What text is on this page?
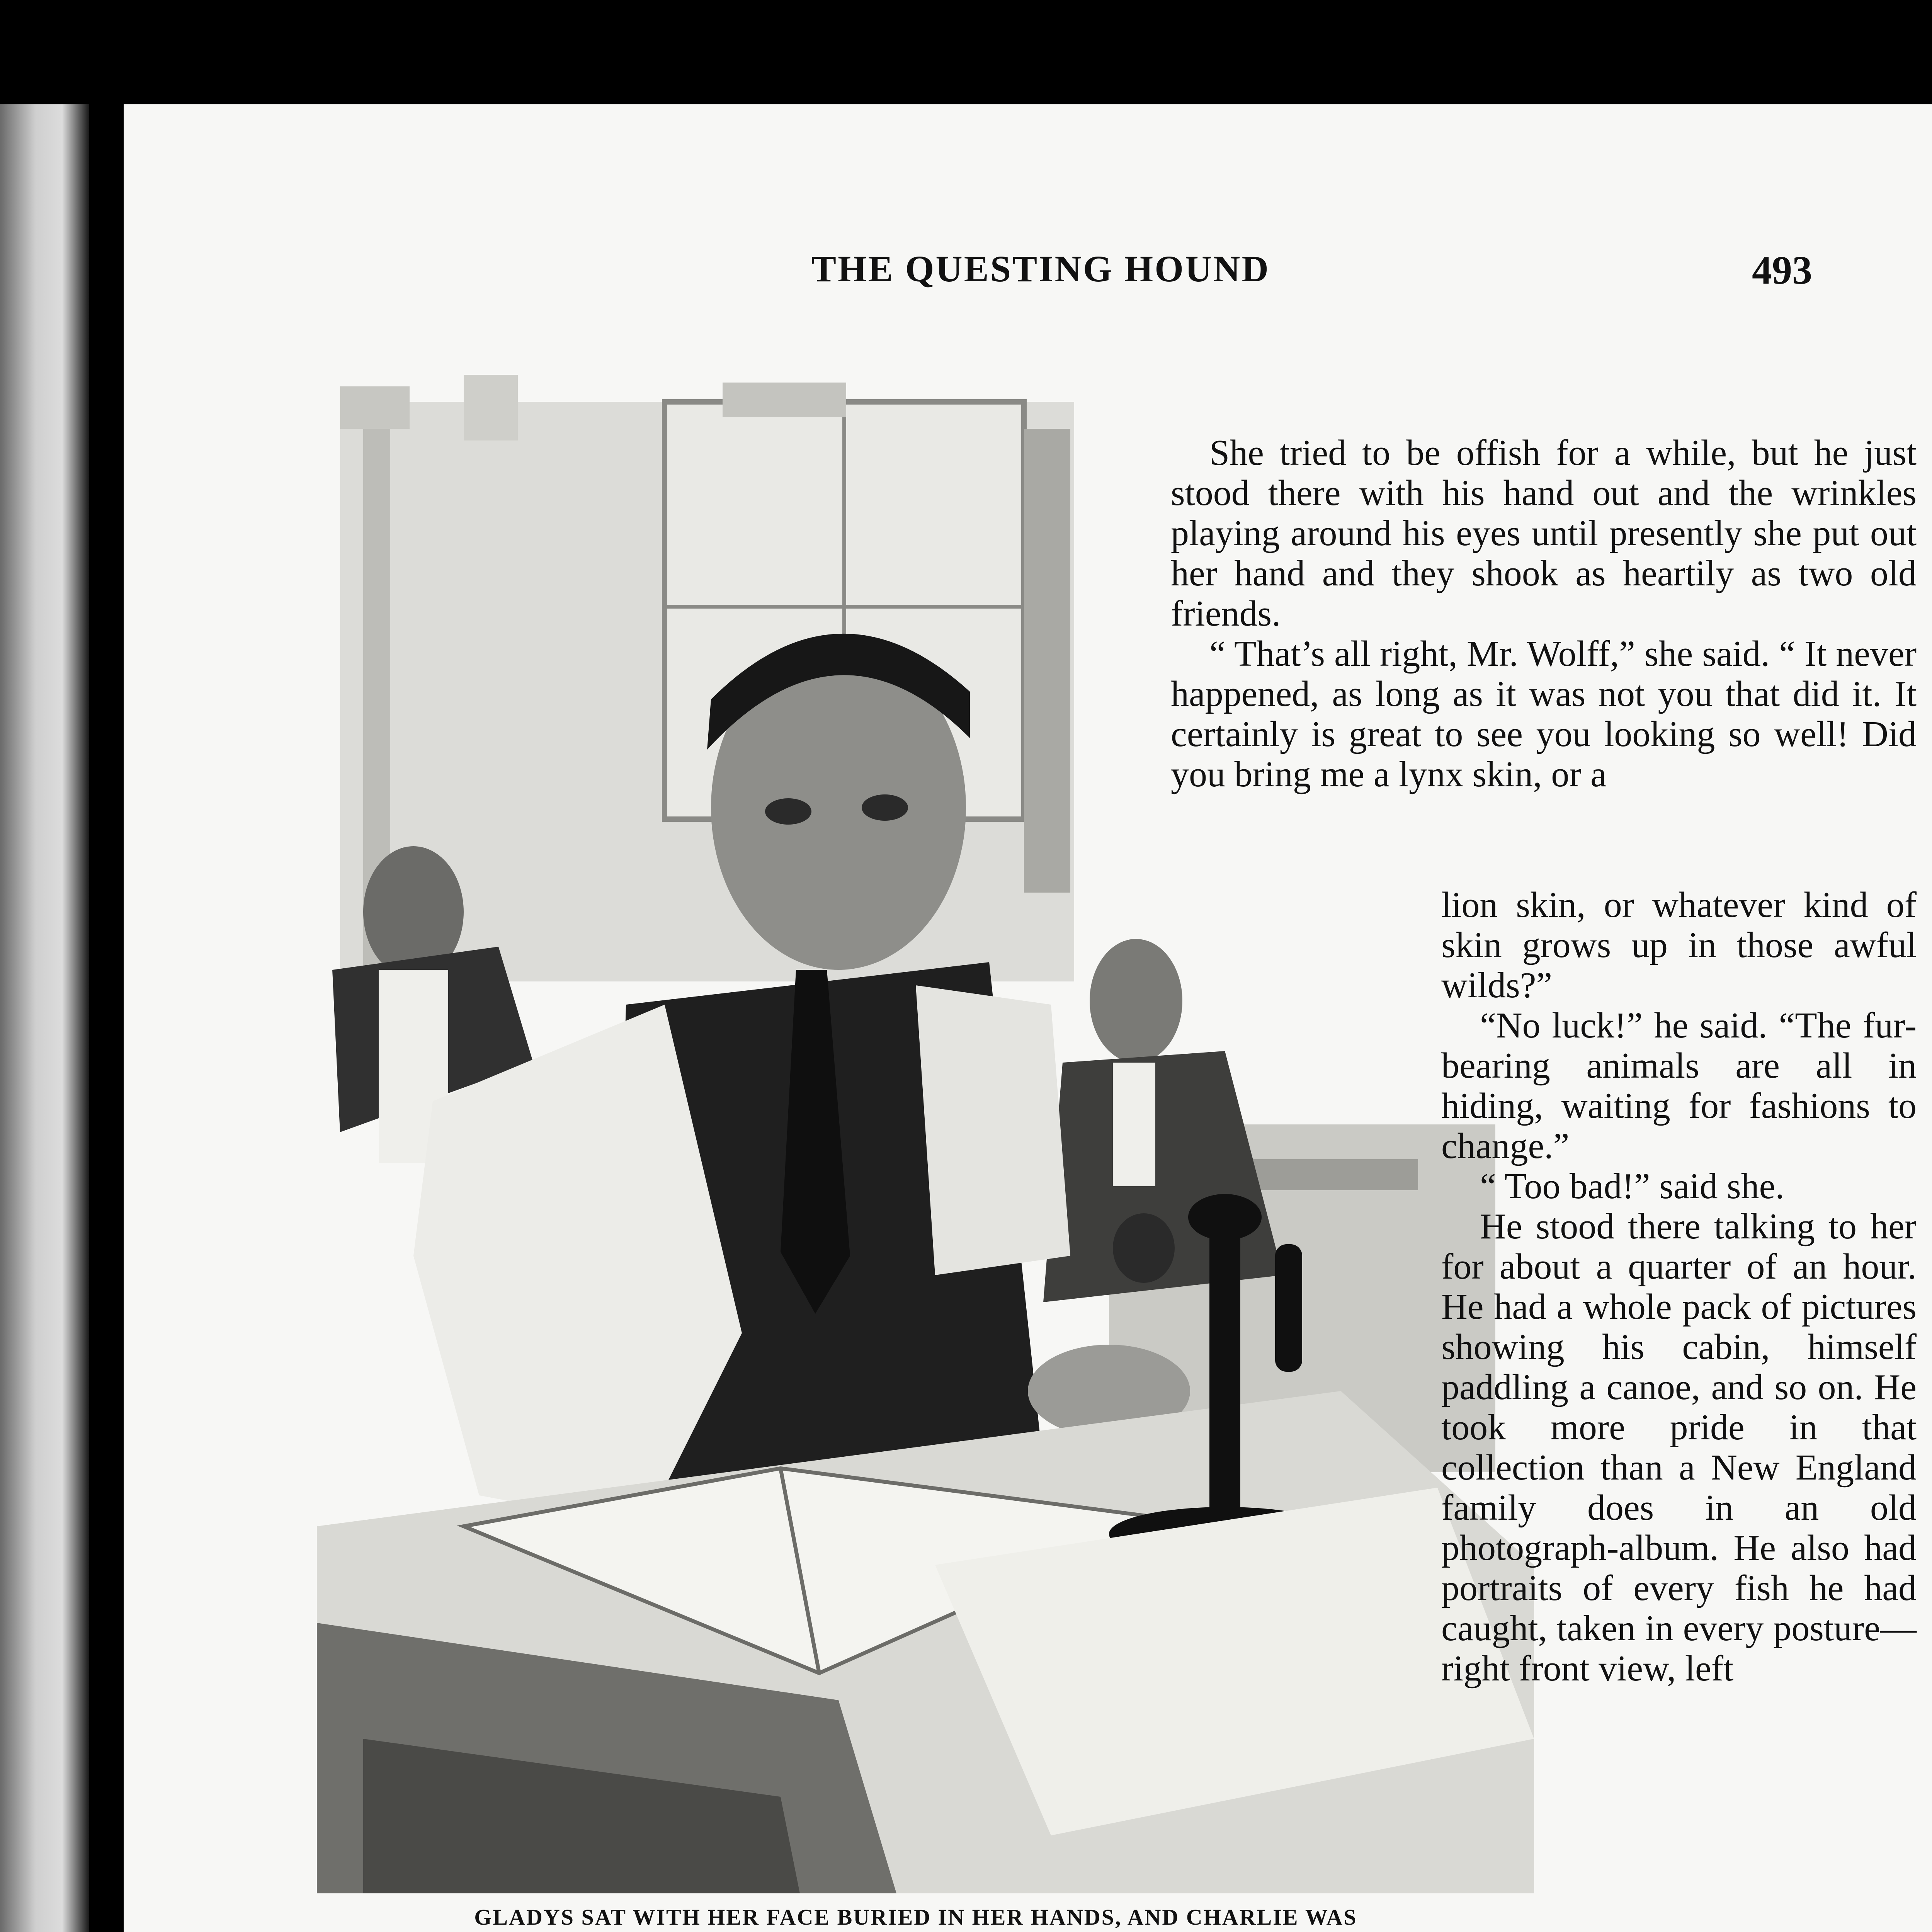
THE QUESTING HOUND	493
GLADYS SAT WITH HER FACE BURIED IN HER HANDS, AND CHARLIE WAS

She tried to be offish for a while, but he just stood there with his hand out and the wrinkles playing around his eyes until presently she put out her hand and they shook as heartily as two old friends.

“ That’s all right, Mr. Wolff,” she said. “ It never happened, as long as it was not you that did it. It certainly is great to see you looking so well! Did you bring me a lynx skin, or a

lion skin, or whatever kind of skin grows up in those awful wilds?”

“No luck!” he said. “The fur-bearing animals are all in hiding, waiting for fashions to change.”

“ Too bad!” said she.

He stood there talking to her for about a quarter of an hour. He had a whole pack of pictures showing his cabin, himself paddling a canoe, and so on. He took more pride in that collection than a New England family does in an old photograph-album. He also had portraits of every fish he had caught, taken in every posture— right front view, left
